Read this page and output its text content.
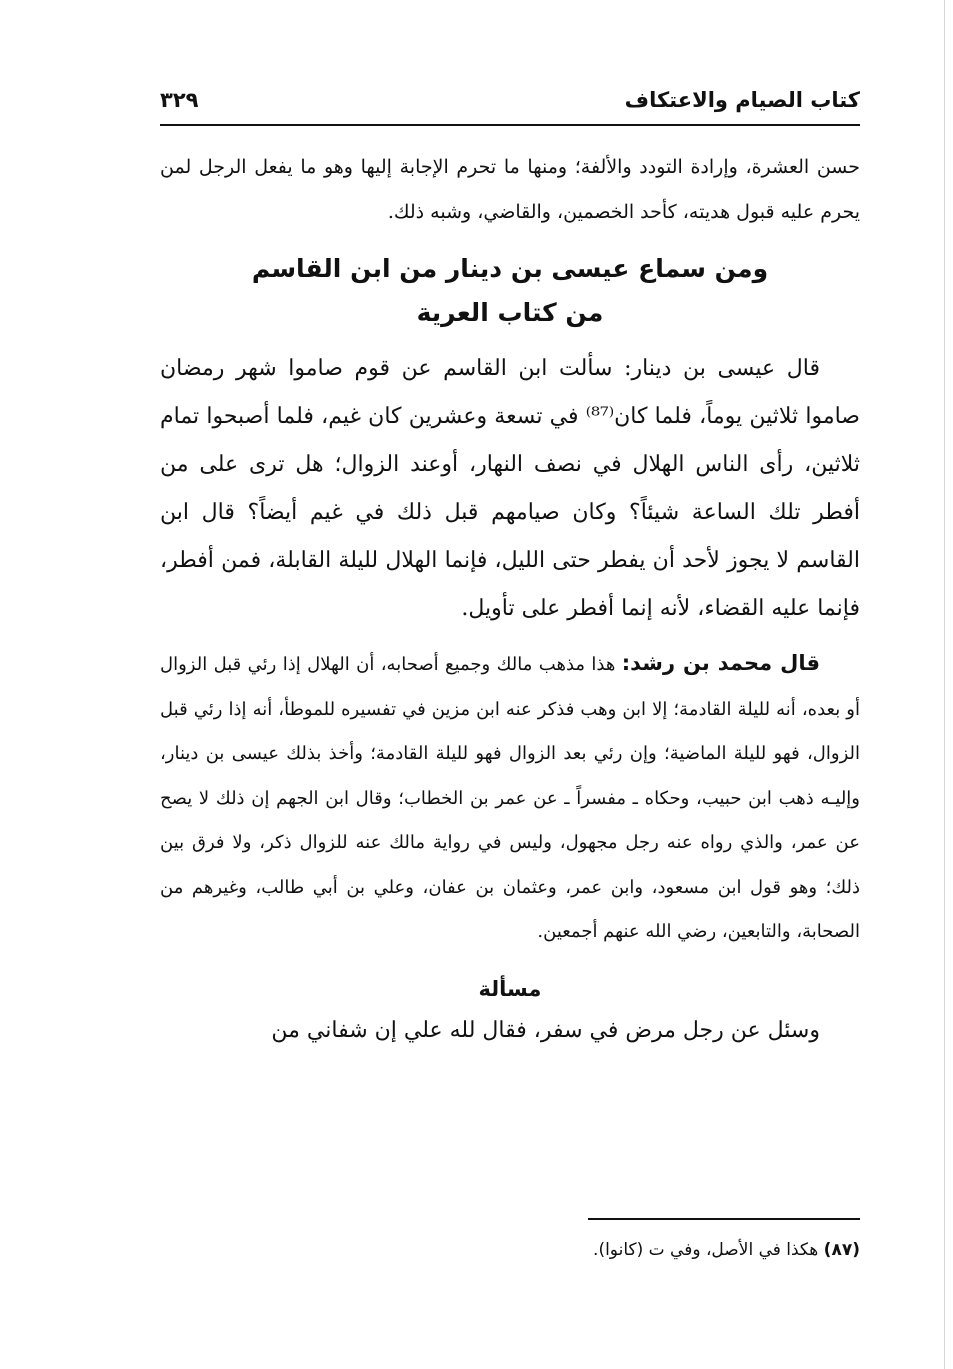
كتاب الصيام والاعتكاف
٣٢٩

حسن العشرة، وإرادة التودد والألفة؛ ومنها ما تحرم الإجابة إليها وهو ما يفعل الرجل لمن يحرم عليه قبول هديته، كأحد الخصمين، والقاضي، وشبه ذلك.

ومن سماع عيسى بن دينار من ابن القاسم

من كتاب العرية

قال عيسى بن دينار: سألت ابن القاسم عن قوم صاموا شهر رمضان صاموا ثلاثين يوماً، فلما كان⁽⁸⁷⁾ في تسعة وعشرين كان غيم، فلما أصبحوا تمام ثلاثين، رأى الناس الهلال في نصف النهار، أوعند الزوال؛ هل ترى على من أفطر تلك الساعة شيئاً؟ وكان صيامهم قبل ذلك في غيم أيضاً؟ قال ابن القاسم لا يجوز لأحد أن يفطر حتى الليل، فإنما الهلال لليلة القابلة، فمن أفطر، فإنما عليه القضاء، لأنه إنما أفطر على تأويل.

قال محمد بن رشد: هذا مذهب مالك وجميع أصحابه، أن الهلال إذا رئي قبل الزوال أو بعده، أنه لليلة القادمة؛ إلا ابن وهب فذكر عنه ابن مزين في تفسيره للموطأ، أنه إذا رئي قبل الزوال، فهو لليلة الماضية؛ وإن رئي بعد الزوال فهو لليلة القادمة؛ وأخذ بذلك عيسى بن دينار، وإليـه ذهب ابن حبيب، وحكاه ـ مفسراً ـ عن عمر بن الخطاب؛ وقال ابن الجهم إن ذلك لا يصح عن عمر، والذي رواه عنه رجل مجهول، وليس في رواية مالك عنه للزوال ذكر، ولا فرق بين ذلك؛ وهو قول ابن مسعود، وابن عمر، وعثمان بن عفان، وعلي بن أبي طالب، وغيرهم من الصحابة، والتابعين، رضي الله عنهم أجمعين.

مسألة

وسئل عن رجل مرض في سفر، فقال لله علي إن شفاني من

(٨٧) هكذا في الأصل، وفي ت (كانوا).
